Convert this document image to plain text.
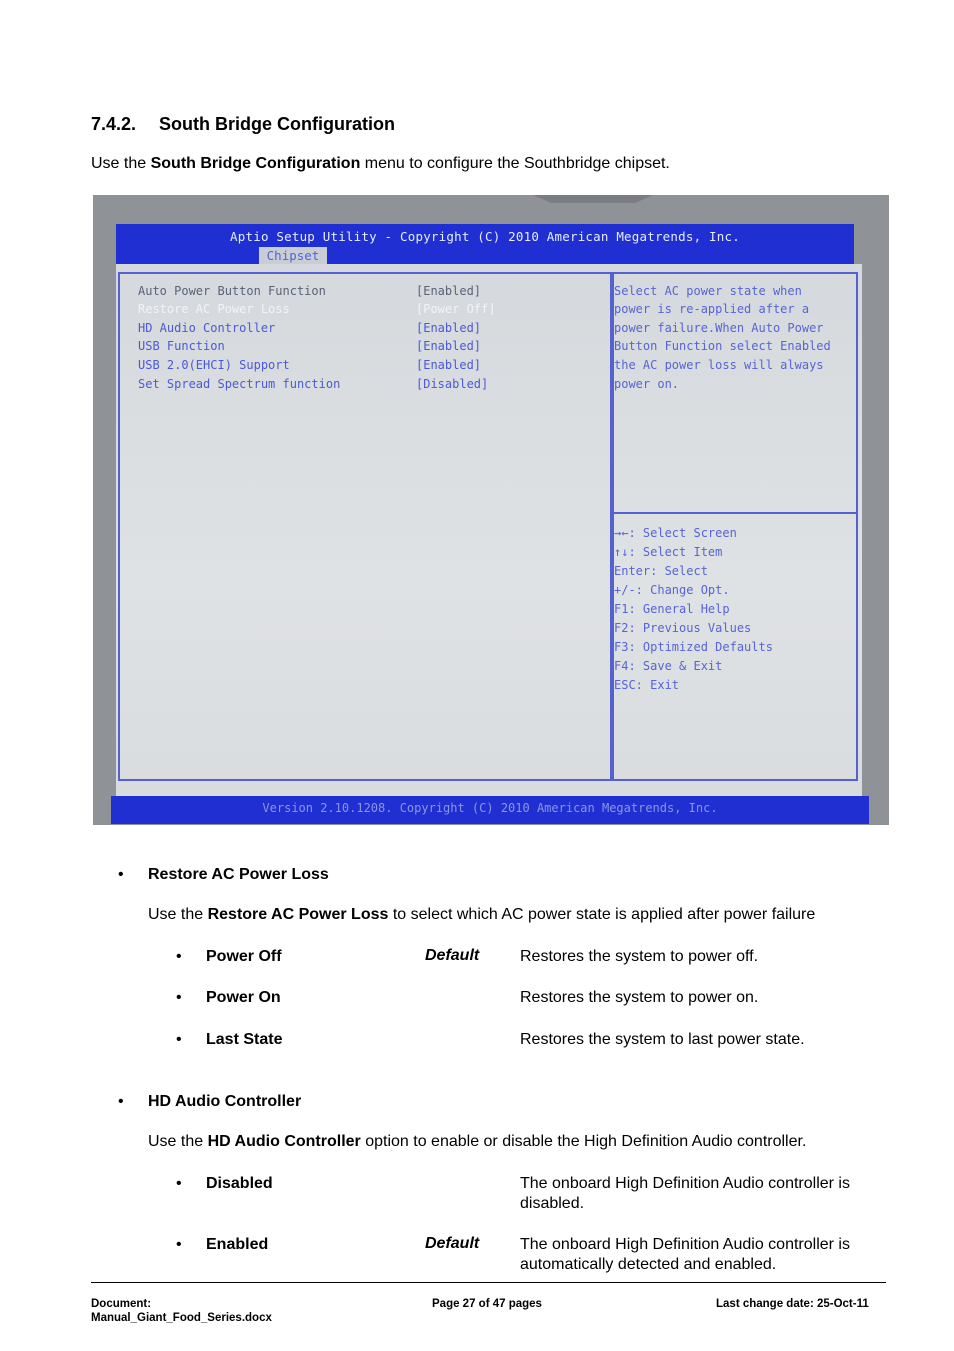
7.4.2. South Bridge Configuration
Use the South Bridge Configuration menu to configure the Southbridge chipset.
Aptio Setup Utility - Copyright (C) 2010 American Megatrends, Inc.
Chipset
Auto Power Button Function	[Enabled]
Restore AC Power Loss	[Power Off]
HD Audio Controller	[Enabled]
USB Function	[Enabled]
USB 2.0(EHCI) Support	[Enabled]
Set Spread Spectrum function	[Disabled]
Select AC power state when
power is re-applied after a
power failure.When Auto Power
Button Function select Enabled
the AC power loss will always
power on.
→←: Select Screen
↑↓: Select Item
Enter: Select
+/-: Change Opt.
F1: General Help
F2: Previous Values
F3: Optimized Defaults
F4: Save & Exit
ESC: Exit
Version 2.10.1208. Copyright (C) 2010 American Megatrends, Inc.
• Restore AC Power Loss
Use the Restore AC Power Loss to select which AC power state is applied after power failure
• Power Off	Default	Restores the system to power off.
• Power On	Restores the system to power on.
• Last State	Restores the system to last power state.
• HD Audio Controller
Use the HD Audio Controller option to enable or disable the High Definition Audio controller.
• Disabled	The onboard High Definition Audio controller is disabled.
• Enabled	Default	The onboard High Definition Audio controller is automatically detected and enabled.
Document:
Manual_Giant_Food_Series.docx
Page 27 of 47 pages	Last change date: 25-Oct-11
